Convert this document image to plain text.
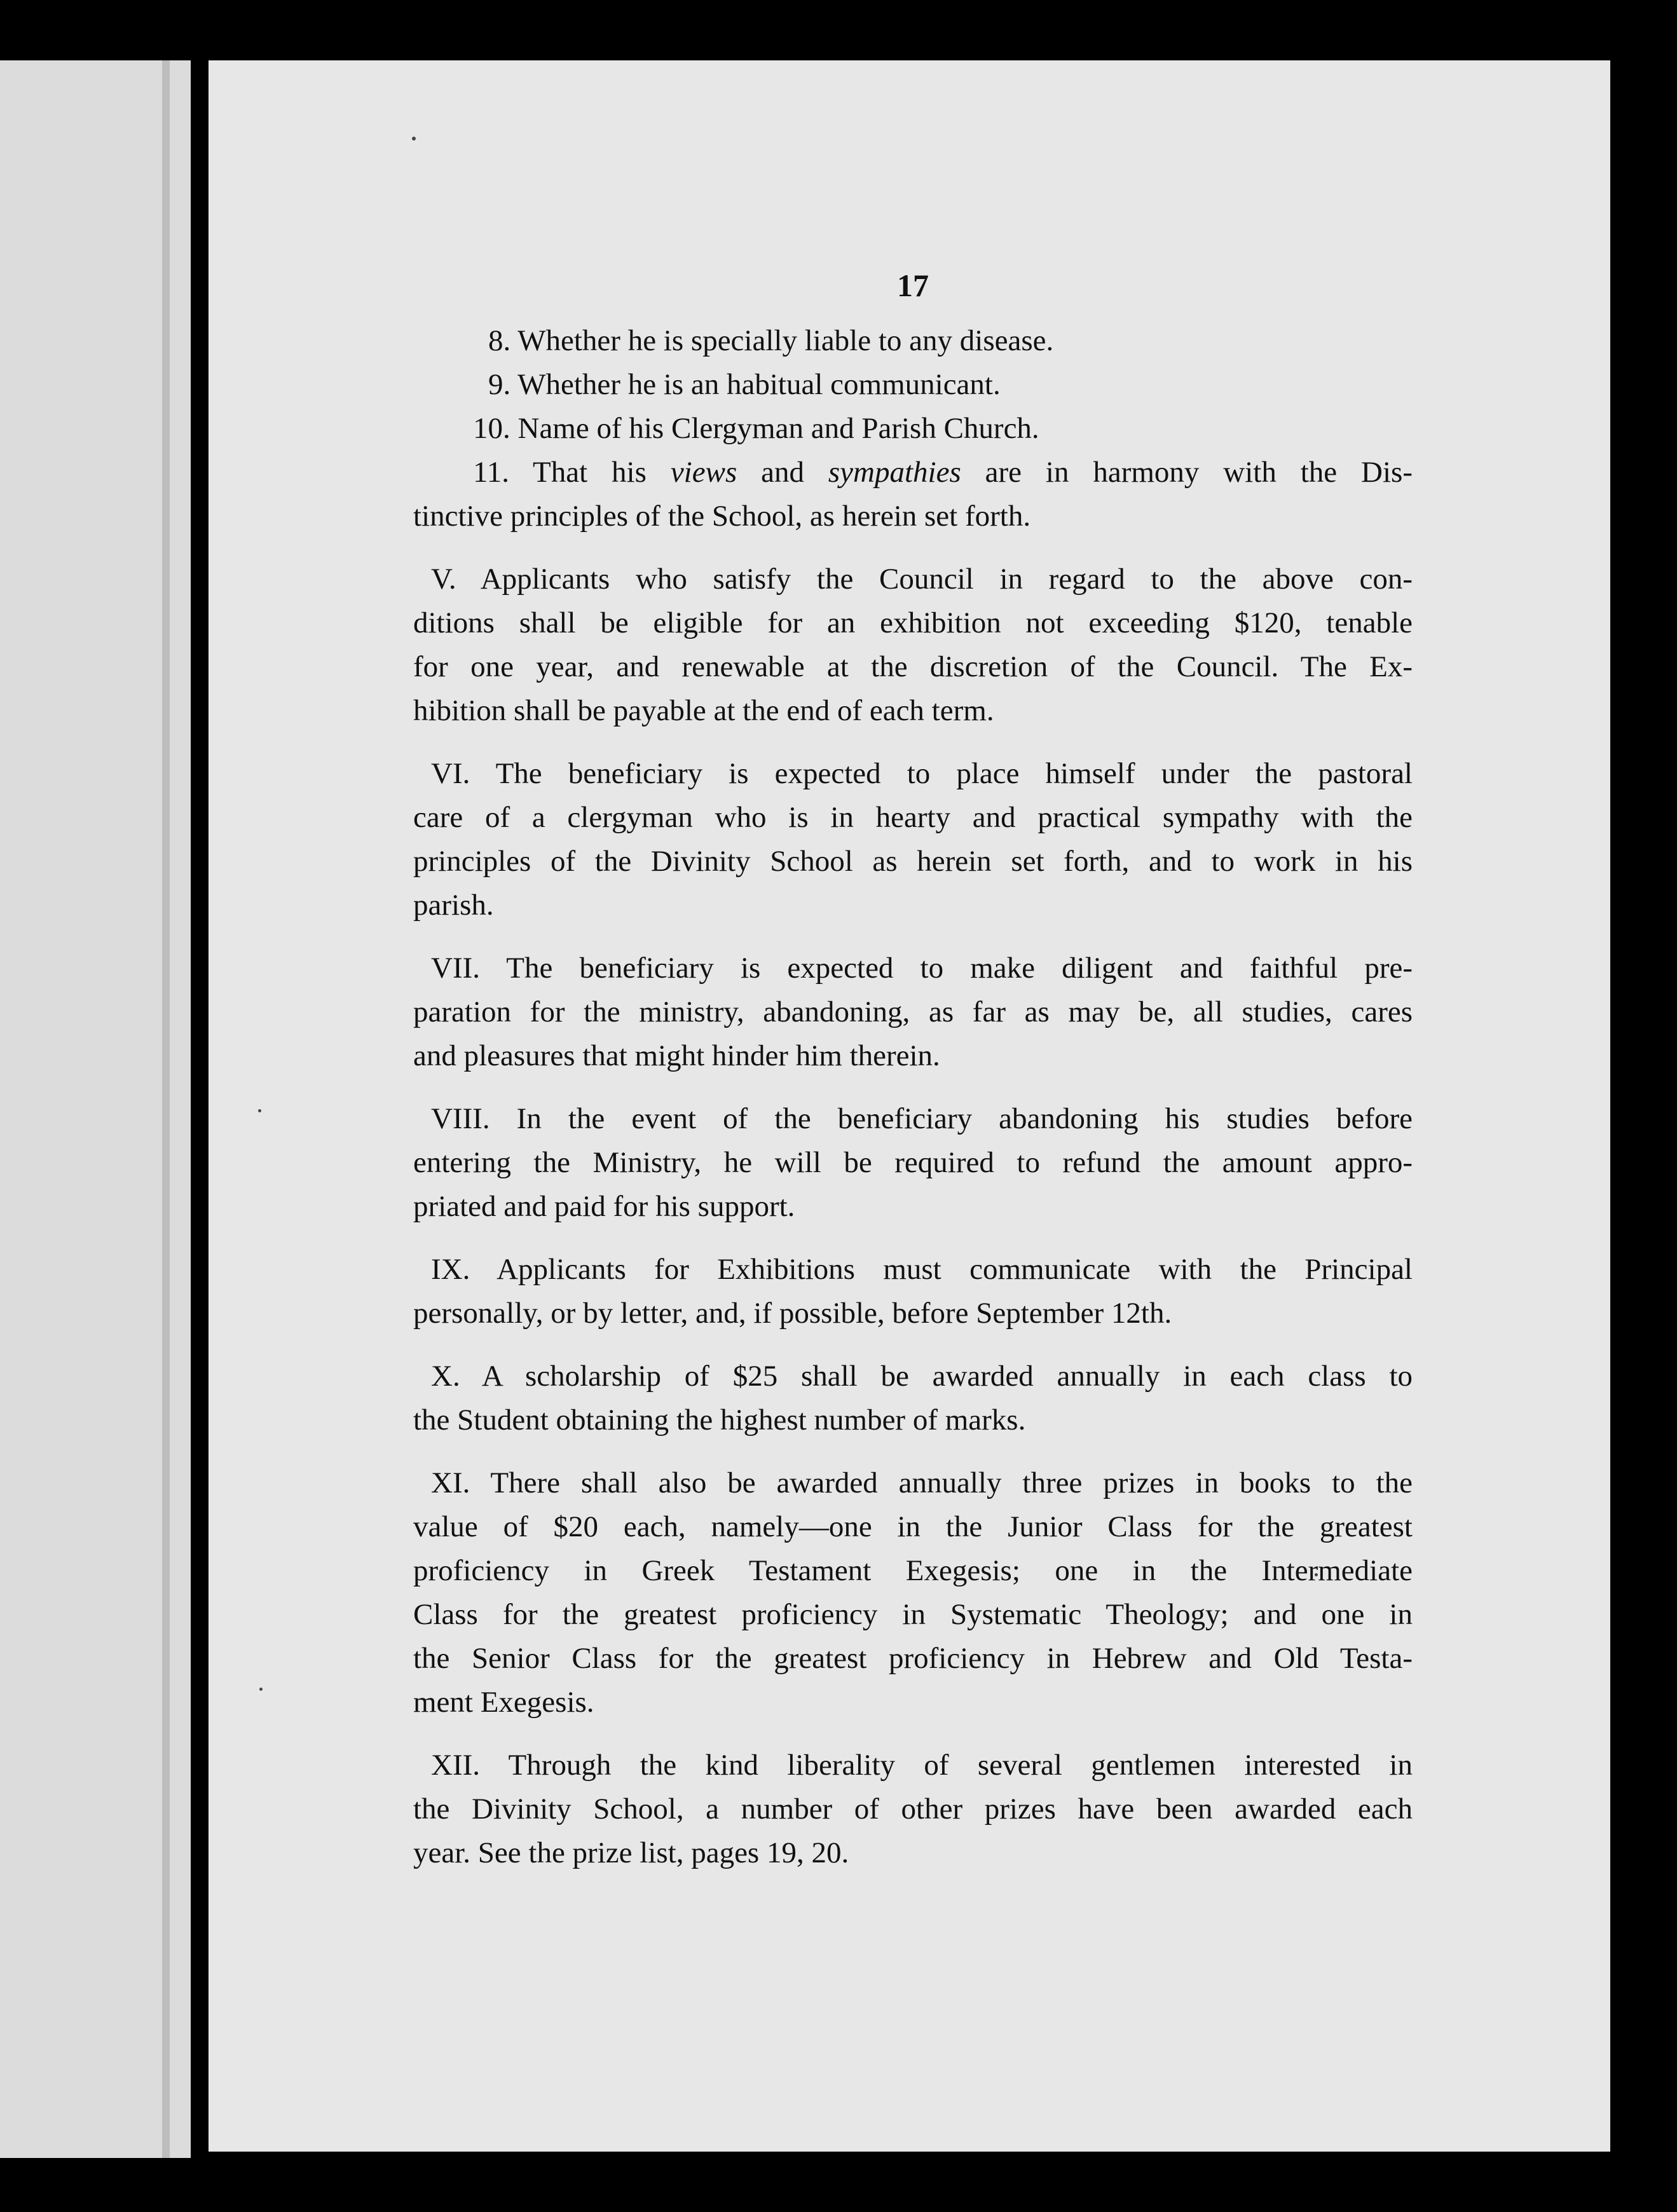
17
8. Whether he is specially liable to any disease.
9. Whether he is an habitual communicant.
10. Name of his Clergyman and Parish Church.
11. That his views and sympathies are in harmony with the Dis-
tinctive principles of the School, as herein set forth.
V. Applicants who satisfy the Council in regard to the above con-
ditions shall be eligible for an exhibition not exceeding $120, tenable
for one year, and renewable at the discretion of the Council. The Ex-
hibition shall be payable at the end of each term.
VI. The beneficiary is expected to place himself under the pastoral
care of a clergyman who is in hearty and practical sympathy with the
principles of the Divinity School as herein set forth, and to work in his
parish.
VII. The beneficiary is expected to make diligent and faithful pre-
paration for the ministry, abandoning, as far as may be, all studies, cares
and pleasures that might hinder him therein.
VIII. In the event of the beneficiary abandoning his studies before
entering the Ministry, he will be required to refund the amount appro-
priated and paid for his support.
IX. Applicants for Exhibitions must communicate with the Principal
personally, or by letter, and, if possible, before September 12th.
X. A scholarship of $25 shall be awarded annually in each class to
the Student obtaining the highest number of marks.
XI. There shall also be awarded annually three prizes in books to the
value of $20 each, namely—one in the Junior Class for the greatest
proficiency in Greek Testament Exegesis; one in the Intermediate
Class for the greatest proficiency in Systematic Theology; and one in
the Senior Class for the greatest proficiency in Hebrew and Old Testa-
ment Exegesis.
XII. Through the kind liberality of several gentlemen interested in
the Divinity School, a number of other prizes have been awarded each
year. See the prize list, pages 19, 20.
